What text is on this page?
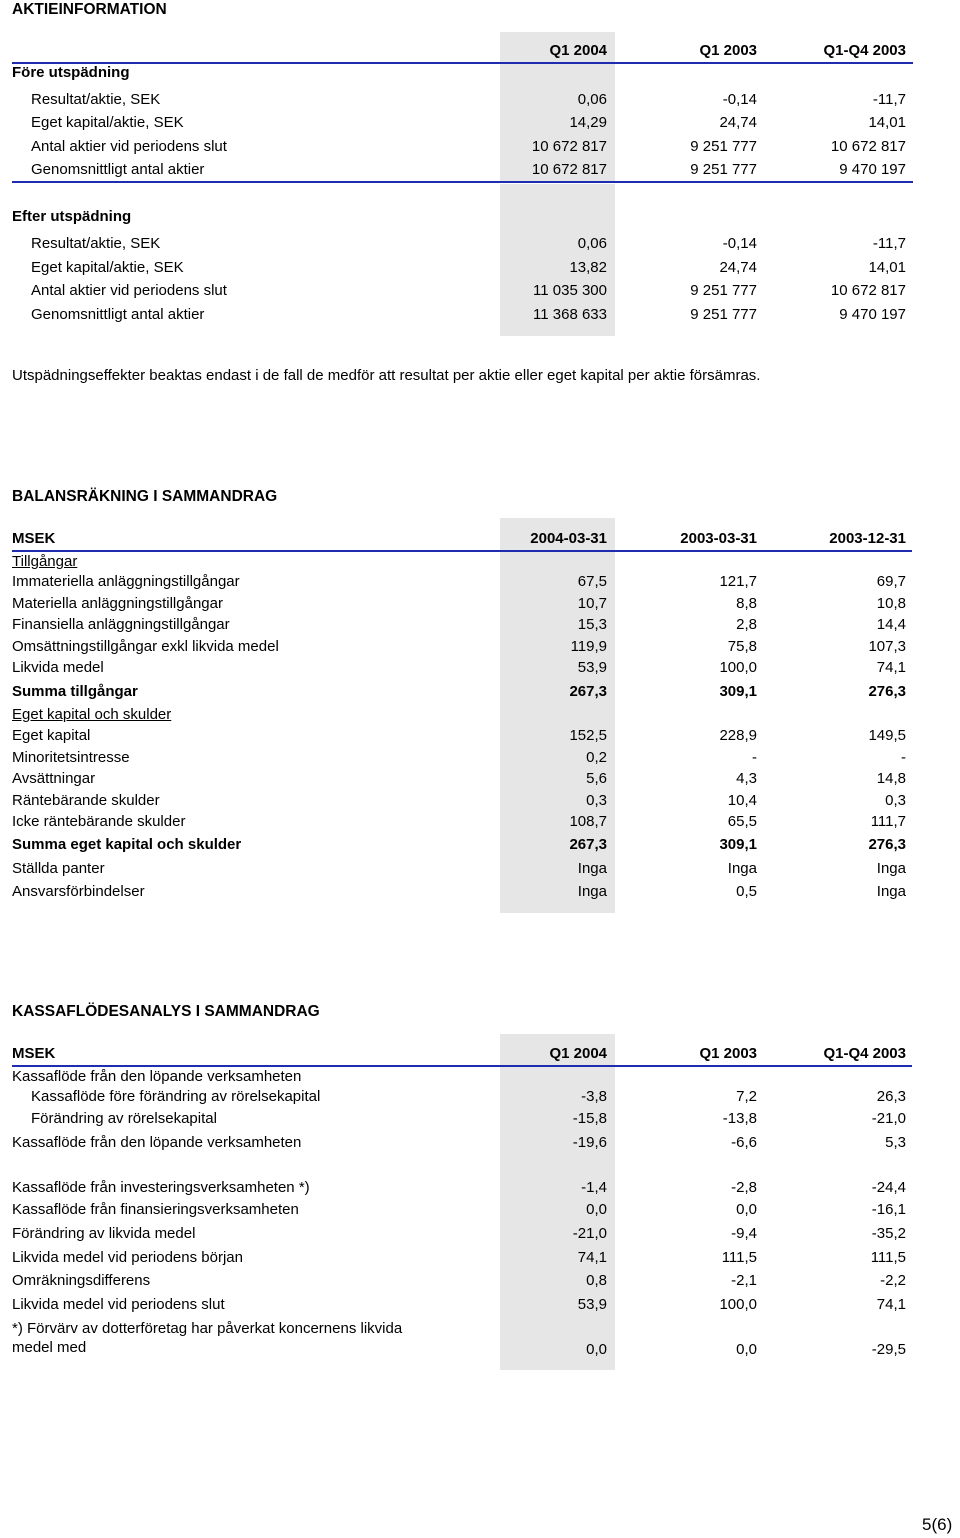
AKTIEINFORMATION
Q1 2004	Q1 2003	Q1-Q4 2003
Före utspädning
Resultat/aktie, SEK	0,06	-0,14	-11,7
Eget kapital/aktie, SEK	14,29	24,74	14,01
Antal aktier vid periodens slut	10 672 817	9 251 777	10 672 817
Genomsnittligt antal aktier	10 672 817	9 251 777	9 470 197
Efter utspädning
Resultat/aktie, SEK	0,06	-0,14	-11,7
Eget kapital/aktie, SEK	13,82	24,74	14,01
Antal aktier vid periodens slut	11 035 300	9 251 777	10 672 817
Genomsnittligt antal aktier	11 368 633	9 251 777	9 470 197
Utspädningseffekter beaktas endast i de fall de medför att resultat per aktie eller eget kapital per aktie försämras.
BALANSRÄKNING I SAMMANDRAG
MSEK	2004-03-31	2003-03-31	2003-12-31
Tillgångar
Immateriella anläggningstillgångar	67,5	121,7	69,7
Materiella anläggningstillgångar	10,7	8,8	10,8
Finansiella anläggningstillgångar	15,3	2,8	14,4
Omsättningstillgångar exkl likvida medel	119,9	75,8	107,3
Likvida medel	53,9	100,0	74,1
Summa tillgångar	267,3	309,1	276,3
Eget kapital och skulder
Eget kapital	152,5	228,9	149,5
Minoritetsintresse	0,2	-	-
Avsättningar	5,6	4,3	14,8
Räntebärande skulder	0,3	10,4	0,3
Icke räntebärande skulder	108,7	65,5	111,7
Summa eget kapital och skulder	267,3	309,1	276,3
Ställda panter	Inga	Inga	Inga
Ansvarsförbindelser	Inga	0,5	Inga
KASSAFLÖDESANALYS I SAMMANDRAG
MSEK	Q1 2004	Q1 2003	Q1-Q4 2003
Kassaflöde från den löpande verksamheten
Kassaflöde före förändring av rörelsekapital	-3,8	7,2	26,3
Förändring av rörelsekapital	-15,8	-13,8	-21,0
Kassaflöde från den löpande verksamheten	-19,6	-6,6	5,3
Kassaflöde från investeringsverksamheten *)	-1,4	-2,8	-24,4
Kassaflöde från finansieringsverksamheten	0,0	0,0	-16,1
Förändring av likvida medel	-21,0	-9,4	-35,2
Likvida medel vid periodens början	74,1	111,5	111,5
Omräkningsdifferens	0,8	-2,1	-2,2
Likvida medel vid periodens slut	53,9	100,0	74,1
*) Förvärv av dotterföretag har påverkat koncernens likvida
medel med	0,0	0,0	-29,5
5(6)
